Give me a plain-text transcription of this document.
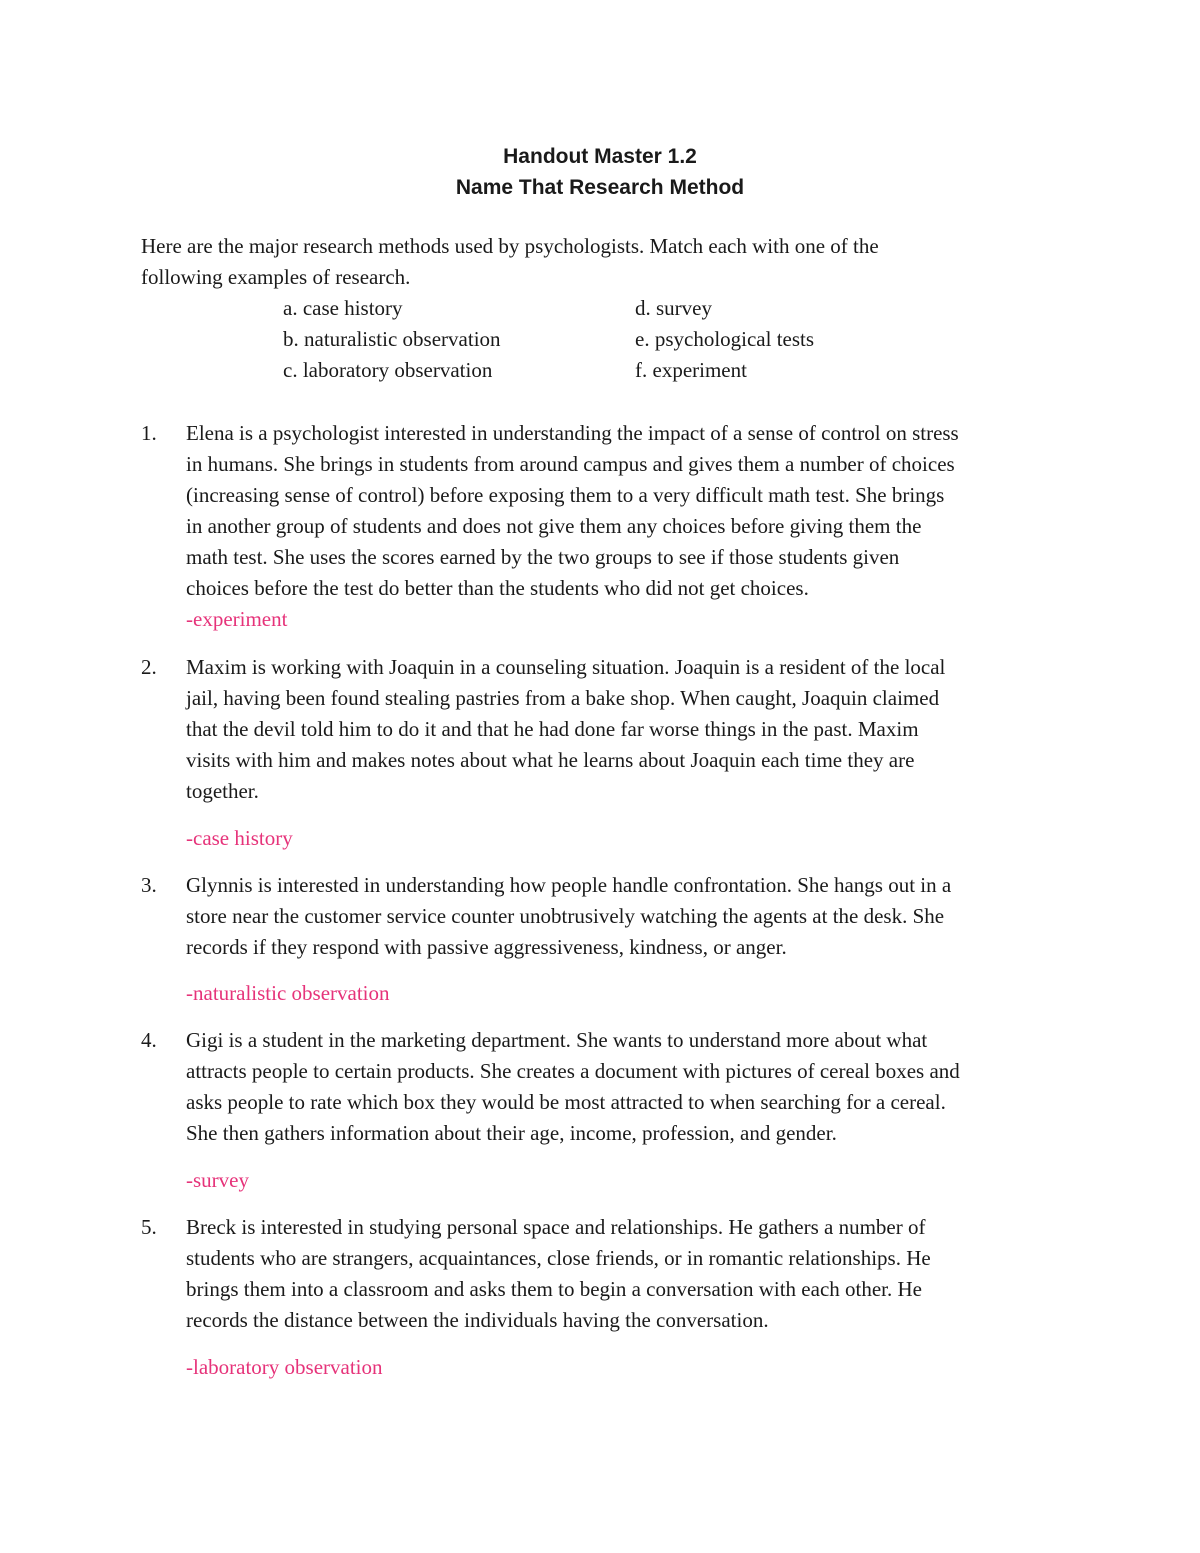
Handout Master 1.2
Name That Research Method
Here are the major research methods used by psychologists. Match each with one of the
following examples of research.
a. case history
b. naturalistic observation
c. laboratory observation
d. survey
e. psychological tests
f. experiment
1. Elena is a psychologist interested in understanding the impact of a sense of control on stress
in humans. She brings in students from around campus and gives them a number of choices
(increasing sense of control) before exposing them to a very difficult math test. She brings
in another group of students and does not give them any choices before giving them the
math test. She uses the scores earned by the two groups to see if those students given
choices before the test do better than the students who did not get choices.
-experiment
2. Maxim is working with Joaquin in a counseling situation. Joaquin is a resident of the local
jail, having been found stealing pastries from a bake shop. When caught, Joaquin claimed
that the devil told him to do it and that he had done far worse things in the past. Maxim
visits with him and makes notes about what he learns about Joaquin each time they are
together.
-case history
3. Glynnis is interested in understanding how people handle confrontation. She hangs out in a
store near the customer service counter unobtrusively watching the agents at the desk. She
records if they respond with passive aggressiveness, kindness, or anger.
-naturalistic observation
4. Gigi is a student in the marketing department. She wants to understand more about what
attracts people to certain products. She creates a document with pictures of cereal boxes and
asks people to rate which box they would be most attracted to when searching for a cereal.
She then gathers information about their age, income, profession, and gender.
-survey
5. Breck is interested in studying personal space and relationships. He gathers a number of
students who are strangers, acquaintances, close friends, or in romantic relationships. He
brings them into a classroom and asks them to begin a conversation with each other. He
records the distance between the individuals having the conversation.
-laboratory observation
